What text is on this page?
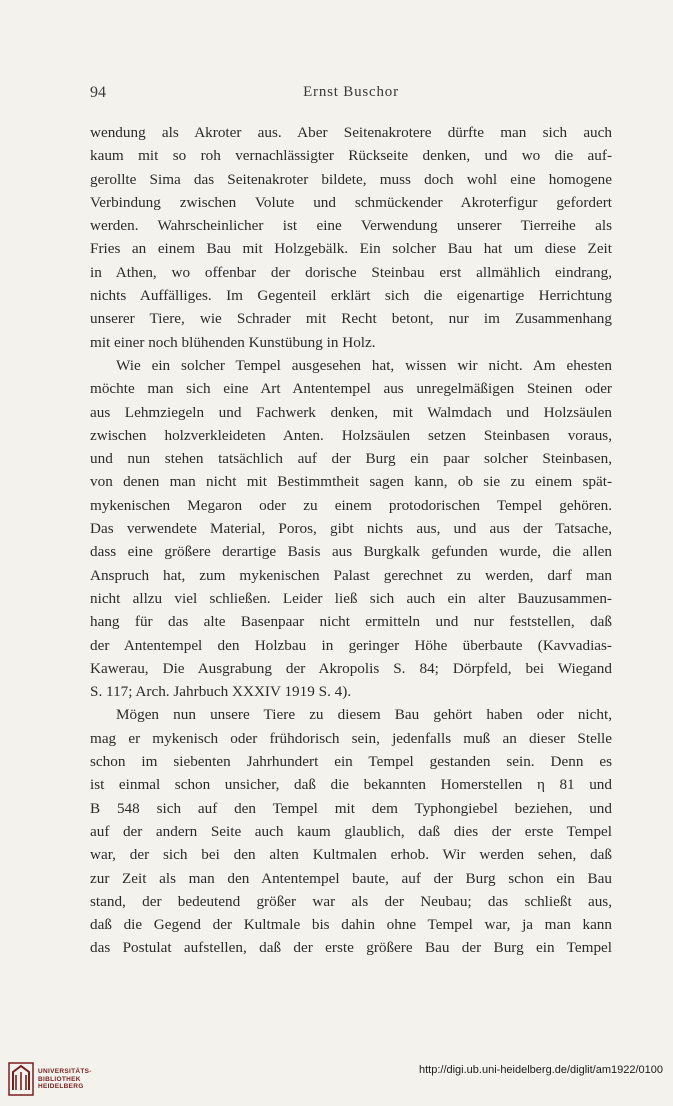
94	Ernst Buschor
wendung als Akroter aus. Aber Seitenakrotere dürfte man sich auch
kaum mit so roh vernachlässigter Rückseite denken, und wo die auf-
gerollte Sima das Seitenakroter bildete, muss doch wohl eine homogene
Verbindung zwischen Volute und schmückender Akroterfigur gefordert
werden. Wahrscheinlicher ist eine Verwendung unserer Tierreihe als
Fries an einem Bau mit Holzgebälk. Ein solcher Bau hat um diese Zeit
in Athen, wo offenbar der dorische Steinbau erst allmählich eindrang,
nichts Auffälliges. Im Gegenteil erklärt sich die eigenartige Herrichtung
unserer Tiere, wie Schrader mit Recht betont, nur im Zusammenhang
mit einer noch blühenden Kunstübung in Holz.
Wie ein solcher Tempel ausgesehen hat, wissen wir nicht. Am ehesten
möchte man sich eine Art Antentempel aus unregelmäßigen Steinen oder
aus Lehmziegeln und Fachwerk denken, mit Walmdach und Holzsäulen
zwischen holzverkleideten Anten. Holzsäulen setzen Steinbasen voraus,
und nun stehen tatsächlich auf der Burg ein paar solcher Steinbasen,
von denen man nicht mit Bestimmtheit sagen kann, ob sie zu einem spät-
mykenischen Megaron oder zu einem protodorischen Tempel gehören.
Das verwendete Material, Poros, gibt nichts aus, und aus der Tatsache,
dass eine größere derartige Basis aus Burgkalk gefunden wurde, die allen
Anspruch hat, zum mykenischen Palast gerechnet zu werden, darf man
nicht allzu viel schließen. Leider ließ sich auch ein alter Bauzusammen-
hang für das alte Basenpaar nicht ermitteln und nur feststellen, daß
der Antentempel den Holzbau in geringer Höhe überbaute (Kavvadias-
Kawerau, Die Ausgrabung der Akropolis S. 84; Dörpfeld, bei Wiegand
S. 117; Arch. Jahrbuch XXXIV 1919 S. 4).
Mögen nun unsere Tiere zu diesem Bau gehört haben oder nicht,
mag er mykenisch oder frühdorisch sein, jedenfalls muß an dieser Stelle
schon im siebenten Jahrhundert ein Tempel gestanden sein. Denn es
ist einmal schon unsicher, daß die bekannten Homerstellen η 81 und
B 548 sich auf den Tempel mit dem Typhongiebel beziehen, und
auf der andern Seite auch kaum glaublich, daß dies der erste Tempel
war, der sich bei den alten Kultmalen erhob. Wir werden sehen, daß
zur Zeit als man den Antentempel baute, auf der Burg schon ein Bau
stand, der bedeutend größer war als der Neubau; das schließt aus,
daß die Gegend der Kultmale bis dahin ohne Tempel war, ja man kann
das Postulat aufstellen, daß der erste größere Bau der Burg ein Tempel
UNIVERSITÄTS-
BIBLIOTHEK
HEIDELBERG
http://digi.ub.uni-heidelberg.de/diglit/am1922/0100
